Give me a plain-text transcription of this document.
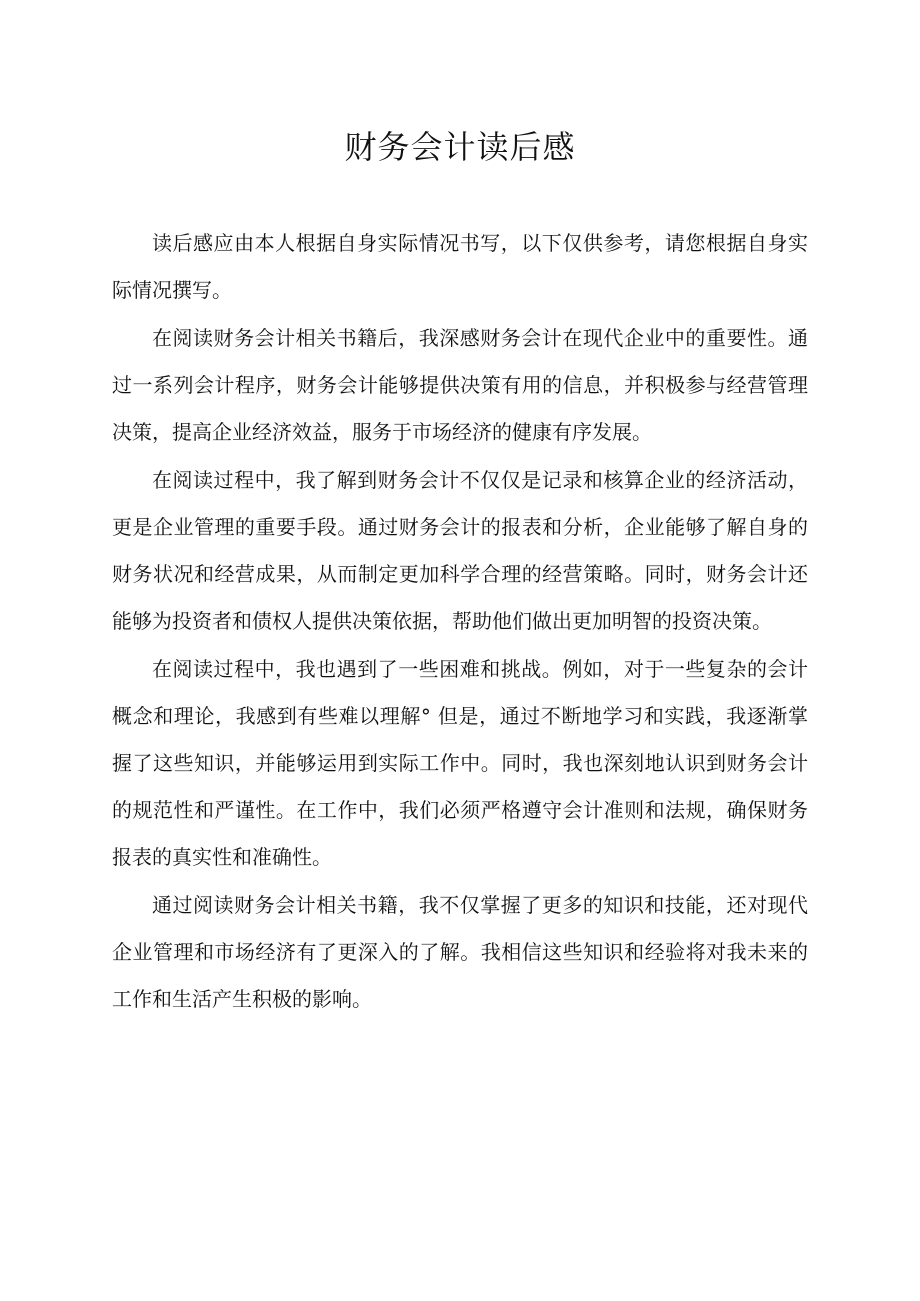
财务会计读后感

读后感应由本人根据自身实际情况书写，以下仅供参考，请您根据自身实际情况撰写。

在阅读财务会计相关书籍后，我深感财务会计在现代企业中的重要性。通过一系列会计程序，财务会计能够提供决策有用的信息，并积极参与经营管理决策，提高企业经济效益，服务于市场经济的健康有序发展。

在阅读过程中，我了解到财务会计不仅仅是记录和核算企业的经济活动，更是企业管理的重要手段。通过财务会计的报表和分析，企业能够了解自身的财务状况和经营成果，从而制定更加科学合理的经营策略。同时，财务会计还能够为投资者和债权人提供决策依据，帮助他们做出更加明智的投资决策。

在阅读过程中，我也遇到了一些困难和挑战。例如，对于一些复杂的会计概念和理论，我感到有些难以理解° 但是，通过不断地学习和实践，我逐渐掌握了这些知识，并能够运用到实际工作中。同时，我也深刻地认识到财务会计的规范性和严谨性。在工作中，我们必须严格遵守会计准则和法规，确保财务报表的真实性和准确性。

通过阅读财务会计相关书籍，我不仅掌握了更多的知识和技能，还对现代企业管理和市场经济有了更深入的了解。我相信这些知识和经验将对我未来的工作和生活产生积极的影响。
